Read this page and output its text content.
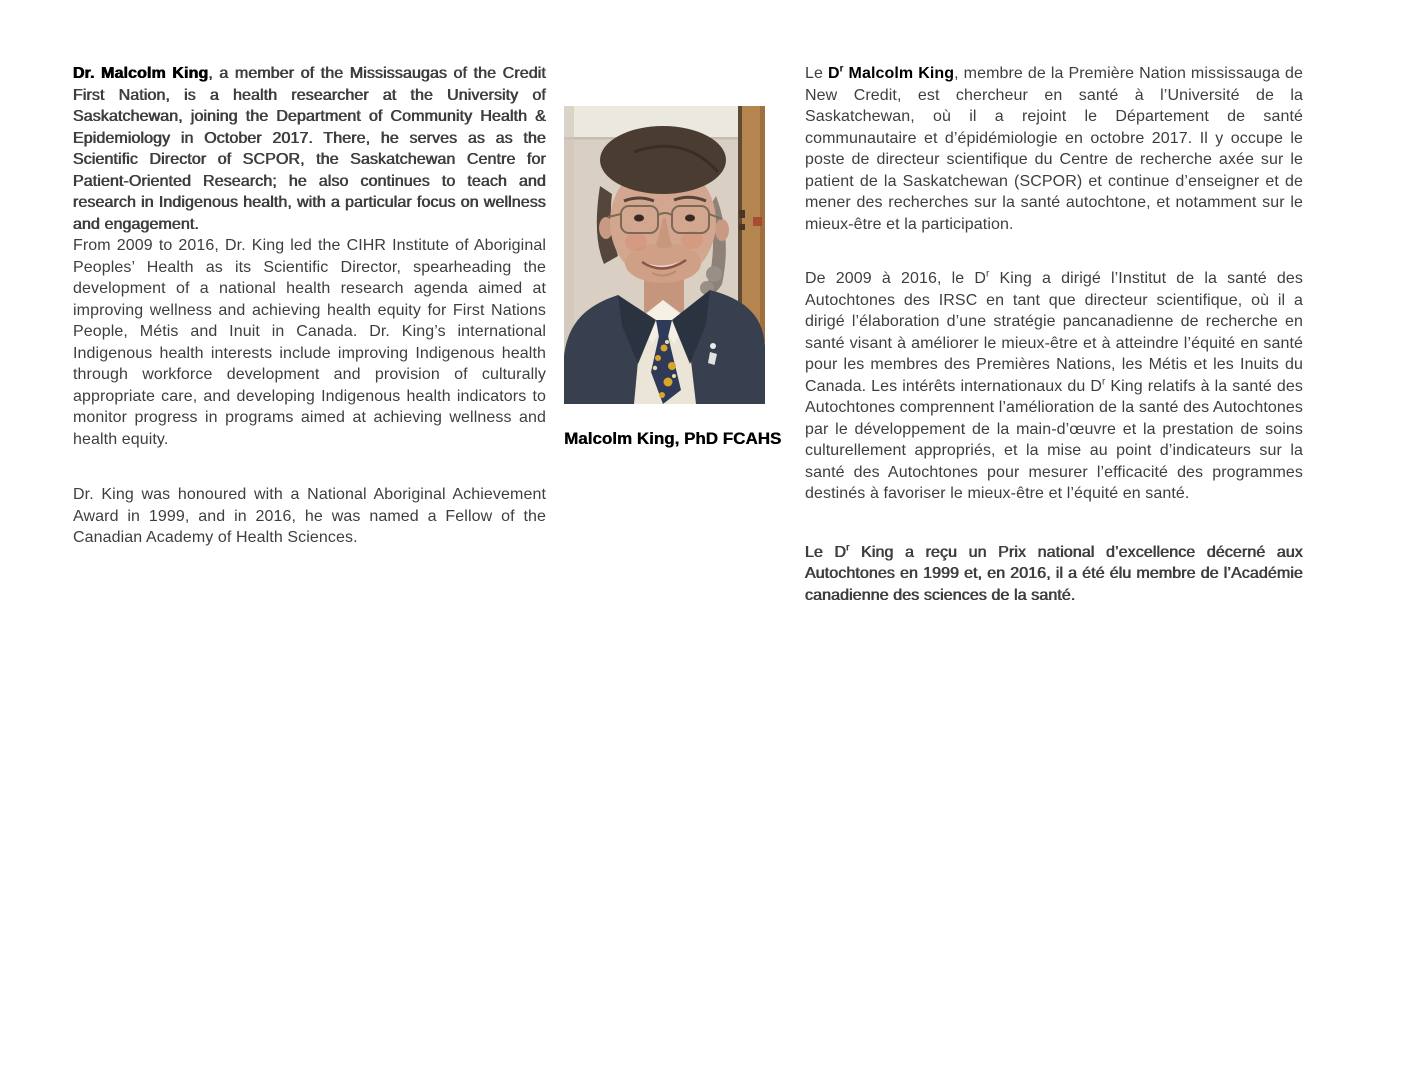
Dr. Malcolm King, a member of the Mississaugas of the Credit First Nation, is a health researcher at the University of Saskatchewan, joining the Department of Community Health & Epidemiology in October 2017. There, he serves as as the Scientific Director of SCPOR, the Saskatchewan Centre for Patient-Oriented Research; he also continues to teach and research in Indigenous health, with a particular focus on wellness and engagement.

From 2009 to 2016, Dr. King led the CIHR Institute of Aboriginal Peoples’ Health as its Scientific Director, spearheading the development of a national health research agenda aimed at improving wellness and achieving health equity for First Nations People, Métis and Inuit in Canada. Dr. King’s international Indigenous health interests include improving Indigenous health through workforce development and provision of culturally appropriate care, and developing Indigenous health indicators to monitor progress in programs aimed at achieving wellness and health equity.

Dr. King was honoured with a National Aboriginal Achievement Award in 1999, and in 2016, he was named a Fellow of the Canadian Academy of Health Sciences.

Malcolm King, PhD FCAHS

Le $D^r$ Malcolm King, membre de la Première Nation mississauga de New Credit, est chercheur en santé à l’Université de la Saskatchewan, où il a rejoint le Département de santé communautaire et d’épidémiologie en octobre 2017. Il y occupe le poste de directeur scientifique du Centre de recherche axée sur le patient de la Saskatchewan (SCPOR) et continue d’enseigner et de mener des recherches sur la santé autochtone, et notamment sur le mieux-être et la participation.

De 2009 à 2016, le $D^r$ King a dirigé l’Institut de la santé des Autochtones des IRSC en tant que directeur scientifique, où il a dirigé l’élaboration d’une stratégie pancanadienne de recherche en santé visant à améliorer le mieux-être et à atteindre l’équité en santé pour les membres des Premières Nations, les Métis et les Inuits du Canada. Les intérêts internationaux du $D^r$ King relatifs à la santé des Autochtones comprennent l’amélioration de la santé des Autochtones par le développement de la main-d’œuvre et la prestation de soins culturellement appropriés, et la mise au point d’indicateurs sur la santé des Autochtones pour mesurer l’efficacité des programmes destinés à favoriser le mieux-être et l’équité en santé.

Le $D^r$ King a reçu un Prix national d’excellence décerné aux Autochtones en 1999 et, en 2016, il a été élu membre de l’Académie canadienne des sciences de la santé.
